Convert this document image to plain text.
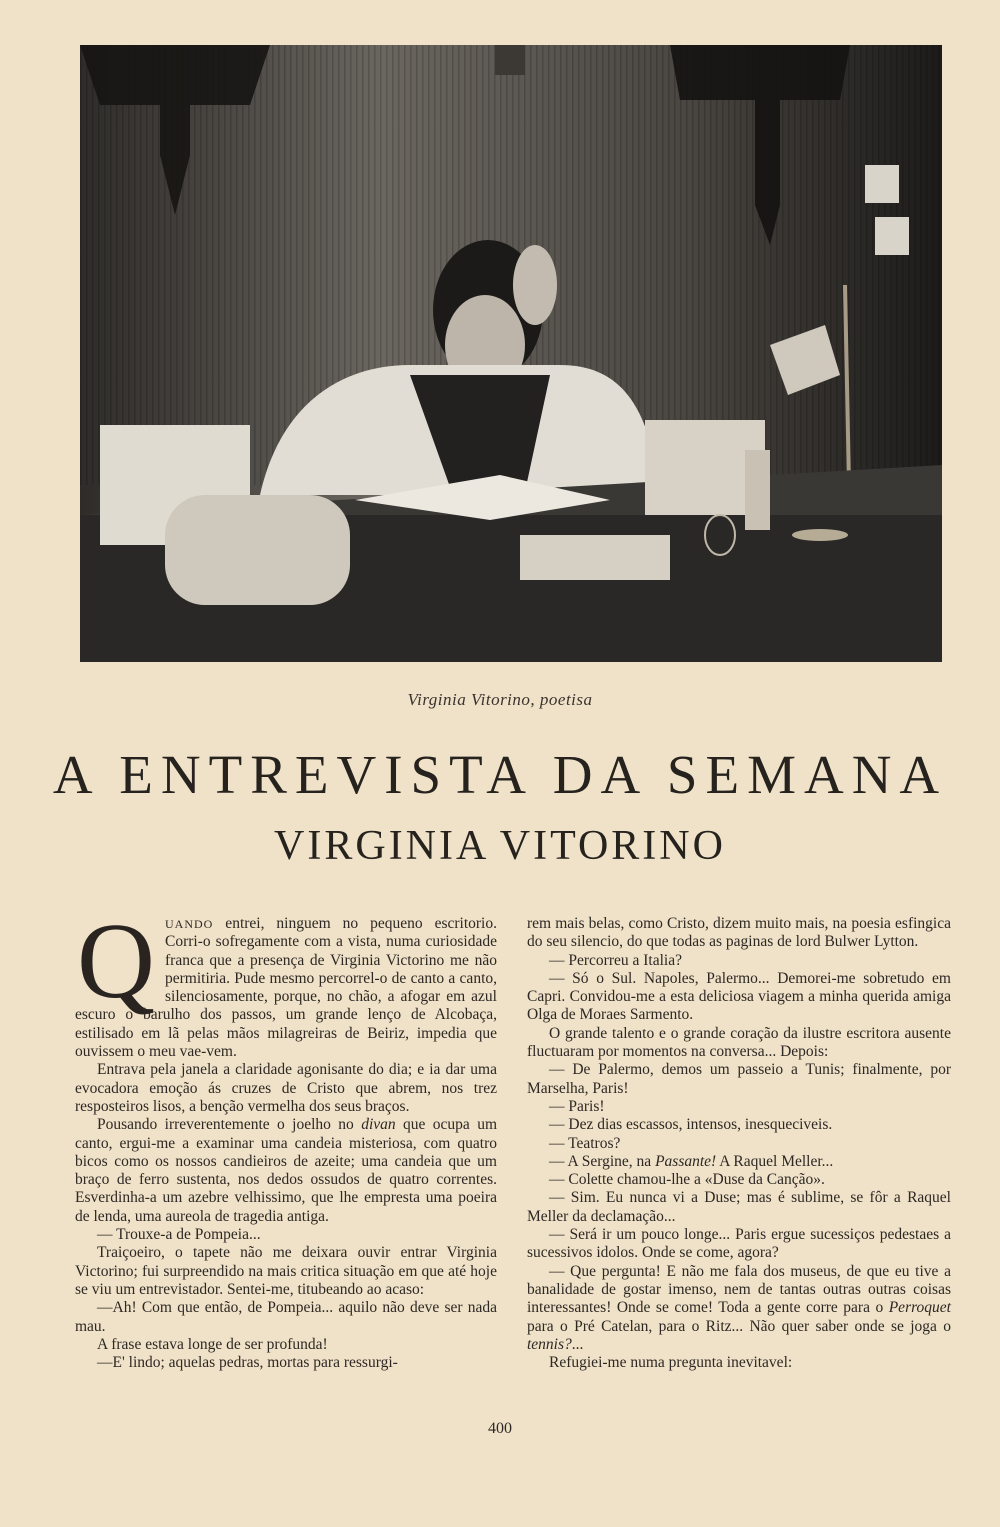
Virginia Vitorino, poetisa
A ENTREVISTA DA SEMANA
VIRGINIA VITORINO

QUANDO entrei, ninguem no pequeno escritorio. Corri-o sofregamente com a vista, numa curiosidade franca que a presença de Virginia Victorino me não permitiria. Pude mesmo percorrel-o de canto a canto, silenciosamente, porque, no chão, a afogar em azul escuro o barulho dos passos, um grande lenço de Alcobaça, estilisado em lã pelas mãos milagreiras de Beiriz, impedia que ouvissem o meu vae-vem.

Entrava pela janela a claridade agonisante do dia; e ia dar uma evocadora emoção ás cruzes de Cristo que abrem, nos trez resposteiros lisos, a benção vermelha dos seus braços.

Pousando irreverentemente o joelho no divan que ocupa um canto, ergui-me a examinar uma candeia misteriosa, com quatro bicos como os nossos candieiros de azeite; uma candeia que um braço de ferro sustenta, nos dedos ossudos de quatro correntes. Esverdinha-a um azebre velhissimo, que lhe empresta uma poeira de lenda, uma aureola de tragedia antiga.

— Trouxe-a de Pompeia...

Traiçoeiro, o tapete não me deixara ouvir entrar Virginia Victorino; fui surpreendido na mais critica situação em que até hoje se viu um entrevistador. Sentei-me, titubeando ao acaso:

—Ah! Com que então, de Pompeia... aquilo não deve ser nada mau.

A frase estava longe de ser profunda!

—E' lindo; aquelas pedras, mortas para ressurgi-

rem mais belas, como Cristo, dizem muito mais, na poesia esfingica do seu silencio, do que todas as paginas de lord Bulwer Lytton.

— Percorreu a Italia?

— Só o Sul. Napoles, Palermo... Demorei-me sobretudo em Capri. Convidou-me a esta deliciosa viagem a minha querida amiga Olga de Moraes Sarmento.

O grande talento e o grande coração da ilustre escritora ausente fluctuaram por momentos na conversa... Depois:

— De Palermo, demos um passeio a Tunis; finalmente, por Marselha, Paris!

— Paris!

— Dez dias escassos, intensos, inesqueciveis.

— Teatros?

— A Sergine, na Passante! A Raquel Meller...

— Colette chamou-lhe a «Duse da Canção».

— Sim. Eu nunca vi a Duse; mas é sublime, se fôr a Raquel Meller da declamação...

— Será ir um pouco longe... Paris ergue sucessiços pedestaes a sucessivos idolos. Onde se come, agora?

— Que pergunta! E não me fala dos museus, de que eu tive a banalidade de gostar imenso, nem de tantas outras outras coisas interessantes! Onde se come! Toda a gente corre para o Perroquet para o Pré Catelan, para o Ritz... Não quer saber onde se joga o tennis?...

Refugiei-me numa pregunta inevitavel:

400
